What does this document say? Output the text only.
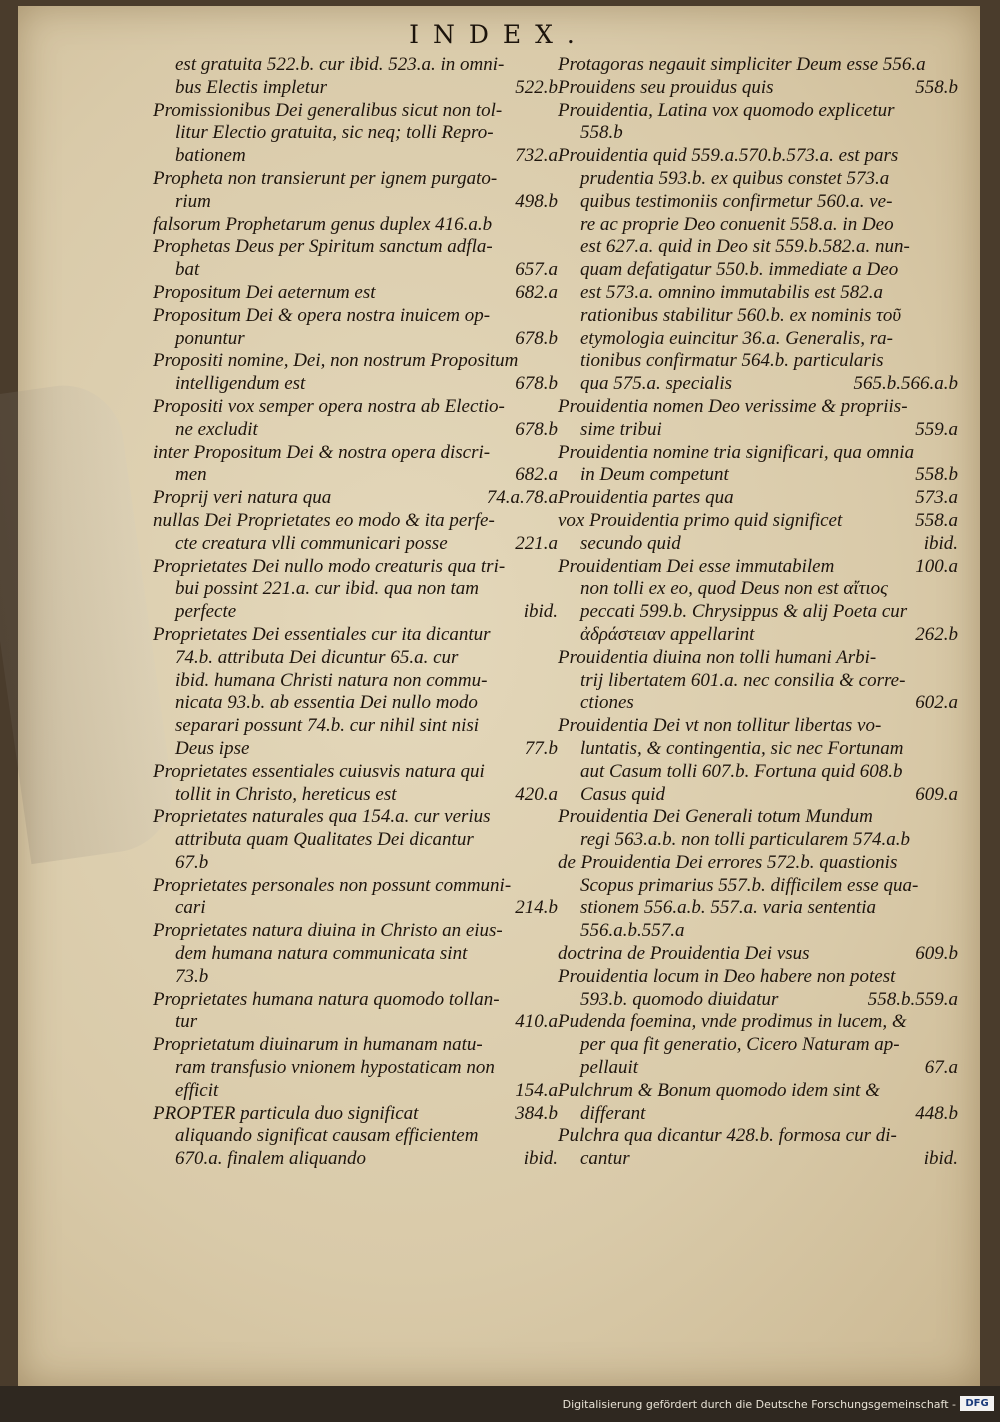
INDEX.
est gratuita 522.b. cur ibid. 523.a. in omni-
bus Electis impletur	522.b
Promissionibus Dei generalibus sicut non tol-
litur Electio gratuita, sic neq; tolli Repro-
bationem	732.a
Propheta non transierunt per ignem purgato-
rium	498.b
falsorum Prophetarum genus duplex 416.a.b
Prophetas Deus per Spiritum sanctum adfla-
bat	657.a
Propositum Dei aeternum est	682.a
Propositum Dei & opera nostra inuicem op-
ponuntur	678.b
Propositi nomine, Dei, non nostrum Propositum
intelligendum est	678.b
Propositi vox semper opera nostra ab Electio-
ne excludit	678.b
inter Propositum Dei & nostra opera discri-
men	682.a
Proprij veri natura qua	74.a.78.a
nullas Dei Proprietates eo modo & ita perfe-
cte creatura vlli communicari posse	221.a
Proprietates Dei nullo modo creaturis qua tri-
bui possint 221.a. cur ibid. qua non tam
perfecte	ibid.
Proprietates Dei essentiales cur ita dicantur
74.b. attributa Dei dicuntur 65.a. cur
ibid. humana Christi natura non commu-
nicata 93.b. ab essentia Dei nullo modo
separari possunt 74.b. cur nihil sint nisi
Deus ipse	77.b
Proprietates essentiales cuiusvis natura qui
tollit in Christo, hereticus est	420.a
Proprietates naturales qua 154.a. cur verius
attributa quam Qualitates Dei dicantur
67.b
Proprietates personales non possunt communi-
cari	214.b
Proprietates natura diuina in Christo an eius-
dem humana natura communicata sint
73.b
Proprietates humana natura quomodo tollan-
tur	410.a
Proprietatum diuinarum in humanam natu-
ram transfusio vnionem hypostaticam non
efficit	154.a
PROPTER particula duo significat	384.b
aliquando significat causam efficientem
670.a. finalem aliquando	ibid.
Protagoras negauit simpliciter Deum esse 556.a
Prouidens seu prouidus quis	558.b
Prouidentia, Latina vox quomodo explicetur
558.b
Prouidentia quid 559.a.570.b.573.a. est pars
prudentia 593.b. ex quibus constet 573.a
quibus testimoniis confirmetur 560.a. ve-
re ac proprie Deo conuenit 558.a. in Deo
est 627.a. quid in Deo sit 559.b.582.a. nun-
quam defatigatur 550.b. immediate a Deo
est 573.a. omnino immutabilis est 582.a
rationibus stabilitur 560.b. ex nominis τοῦ
etymologia euincitur 36.a. Generalis, ra-
tionibus confirmatur 564.b. particularis
qua 575.a. specialis	565.b.566.a.b
Prouidentia nomen Deo verissime & propriis-
sime tribui	559.a
Prouidentia nomine tria significari, qua omnia
in Deum competunt	558.b
Prouidentia partes qua	573.a
vox Prouidentia primo quid significet	558.a
secundo quid	ibid.
Prouidentiam Dei esse immutabilem	100.a
non tolli ex eo, quod Deus non est αἴτιος
peccati 599.b. Chrysippus & alij Poeta cur
ἀδράστειαν appellarint	262.b
Prouidentia diuina non tolli humani Arbi-
trij libertatem 601.a. nec consilia & corre-
ctiones	602.a
Prouidentia Dei vt non tollitur libertas vo-
luntatis, & contingentia, sic nec Fortunam
aut Casum tolli 607.b. Fortuna quid 608.b
Casus quid	609.a
Prouidentia Dei Generali totum Mundum
regi 563.a.b. non tolli particularem 574.a.b
de Prouidentia Dei errores 572.b. quastionis
Scopus primarius 557.b. difficilem esse qua-
stionem 556.a.b. 557.a. varia sententia
556.a.b.557.a
doctrina de Prouidentia Dei vsus	609.b
Prouidentia locum in Deo habere non potest
593.b. quomodo diuidatur	558.b.559.a
Pudenda foemina, vnde prodimus in lucem, &
per qua fit generatio, Cicero Naturam ap-
pellauit	67.a
Pulchrum & Bonum quomodo idem sint &
differant	448.b
Pulchra qua dicantur 428.b. formosa cur di-
cantur	ibid.
Digitalisierung gefördert durch die Deutsche Forschungsgemeinschaft - DFG
